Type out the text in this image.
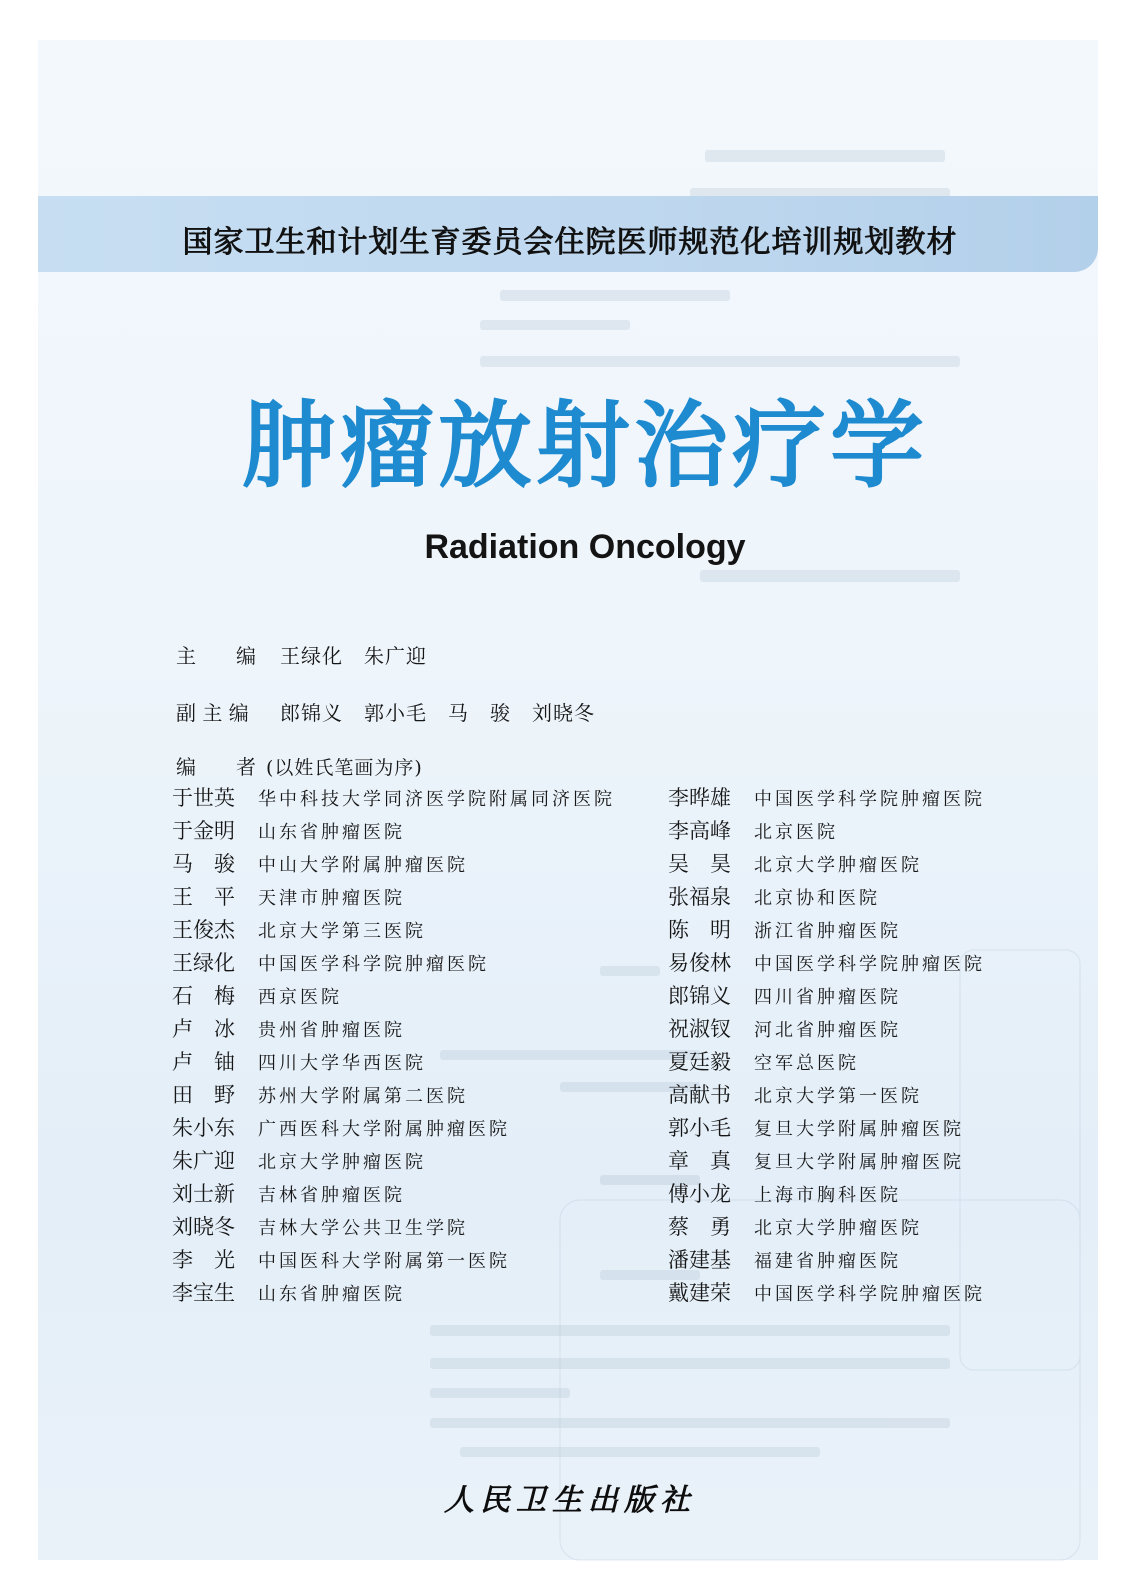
国家卫生和计划生育委员会住院医师规范化培训规划教材
肿瘤放射治疗学
Radiation Oncology
主　　编 王绿化　朱广迎
副 主 编 郎锦义　郭小毛　马　骏　刘晓冬
编　　者 (以姓氏笔画为序)
于世英 华中科技大学同济医学院附属同济医院
于金明 山东省肿瘤医院
马　骏 中山大学附属肿瘤医院
王　平 天津市肿瘤医院
王俊杰 北京大学第三医院
王绿化 中国医学科学院肿瘤医院
石　梅 西京医院
卢　冰 贵州省肿瘤医院
卢　铀 四川大学华西医院
田　野 苏州大学附属第二医院
朱小东 广西医科大学附属肿瘤医院
朱广迎 北京大学肿瘤医院
刘士新 吉林省肿瘤医院
刘晓冬 吉林大学公共卫生学院
李　光 中国医科大学附属第一医院
李宝生 山东省肿瘤医院
李晔雄 中国医学科学院肿瘤医院
李高峰 北京医院
吴　昊 北京大学肿瘤医院
张福泉 北京协和医院
陈　明 浙江省肿瘤医院
易俊林 中国医学科学院肿瘤医院
郎锦义 四川省肿瘤医院
祝淑钗 河北省肿瘤医院
夏廷毅 空军总医院
高献书 北京大学第一医院
郭小毛 复旦大学附属肿瘤医院
章　真 复旦大学附属肿瘤医院
傅小龙 上海市胸科医院
蔡　勇 北京大学肿瘤医院
潘建基 福建省肿瘤医院
戴建荣 中国医学科学院肿瘤医院
人民卫生出版社
